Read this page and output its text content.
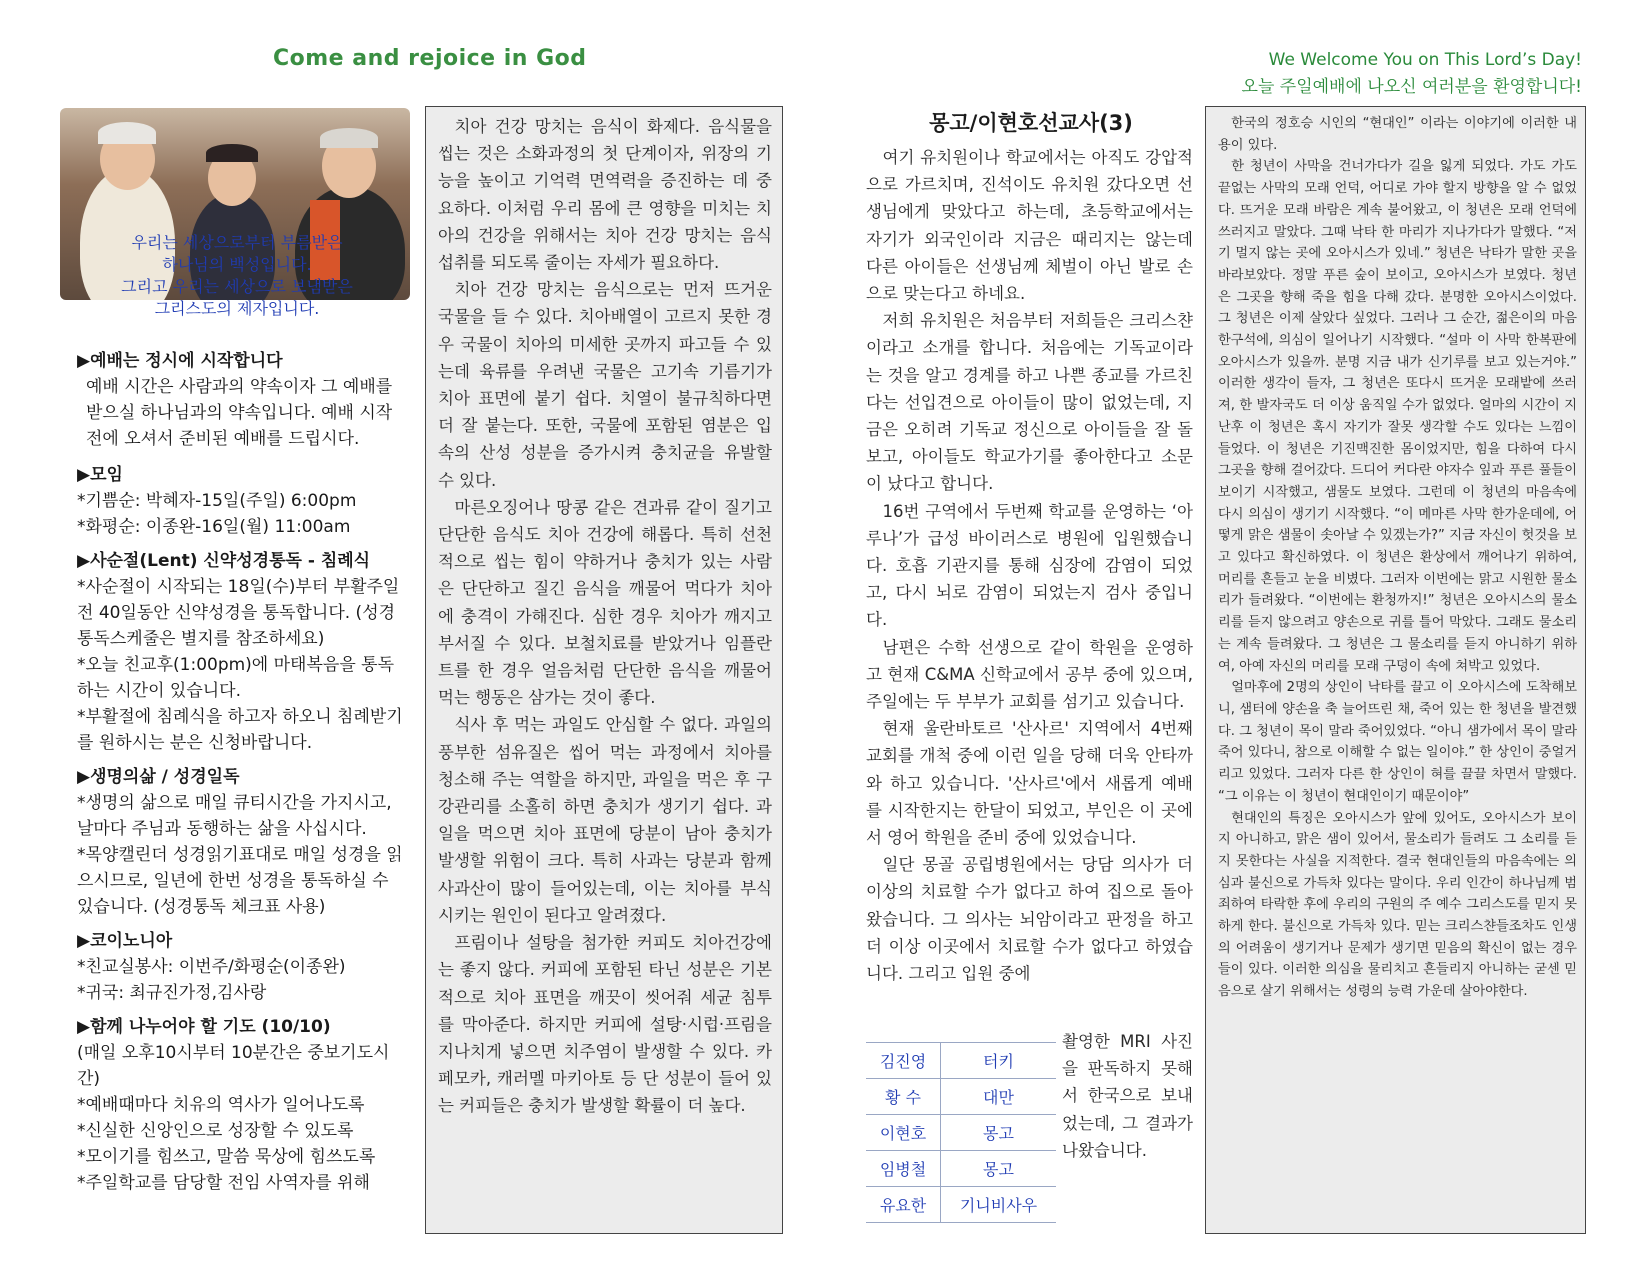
Come and rejoice in God	We Welcome You on This Lord’s Day!
오늘 주일예배에 나오신 여러분을 환영합니다!
우리는 세상으로부터 부름받은
하나님의 백성입니다.
그리고 우리는 세상으로 보냄받은
그리스도의 제자입니다.
▶예배는 정시에 시작합니다
예배 시간은 사람과의 약속이자 그 예배를 받으실 하나님과의 약속입니다. 예배 시작 전에 오셔서 준비된 예배를 드립시다.
▶모임
*기쁨순: 박혜자-15일(주일) 6:00pm
*화평순: 이종완-16일(월) 11:00am
▶사순절(Lent) 신약성경통독 - 침례식
*사순절이 시작되는 18일(수)부터 부활주일 전 40일동안 신약성경을 통독합니다. (성경 통독스케줄은 별지를 참조하세요)
*오늘 친교후(1:00pm)에 마태복음을 통독하는 시간이 있습니다.
*부활절에 침례식을 하고자 하오니 침례받기를 원하시는 분은 신청바랍니다.
▶생명의삶 / 성경일독
*생명의 삶으로 매일 큐티시간을 가지시고, 날마다 주님과 동행하는 삶을 사십시다.
*목양캘린더 성경읽기표대로 매일 성경을 읽으시므로, 일년에 한번 성경을 통독하실 수 있습니다. (성경통독 체크표 사용)
▶코이노니아
*친교실봉사: 이번주/화평순(이종완)
*귀국: 최규진가정,김사랑
▶함께 나누어야 할 기도 (10/10)
(매일 오후10시부터 10분간은 중보기도시간)
*예배때마다 치유의 역사가 일어나도록
*신실한 신앙인으로 성장할 수 있도록
*모이기를 힘쓰고, 말씀 묵상에 힘쓰도록
*주일학교를 담당할 전임 사역자를 위해

치아 건강 망치는 음식이 화제다. 음식물을 씹는 것은 소화과정의 첫 단계이자, 위장의 기능을 높이고 기억력 면역력을 증진하는 데 중요하다. 이처럼 우리 몸에 큰 영향을 미치는 치아의 건강을 위해서는 치아 건강 망치는 음식 섭취를 되도록 줄이는 자세가 필요하다.

치아 건강 망치는 음식으로는 먼저 뜨거운 국물을 들 수 있다. 치아배열이 고르지 못한 경우 국물이 치아의 미세한 곳까지 파고들 수 있는데 육류를 우려낸 국물은 고기속 기름기가 치아 표면에 붙기 쉽다. 치열이 불규칙하다면 더 잘 붙는다. 또한, 국물에 포함된 염분은 입속의 산성 성분을 증가시켜 충치균을 유발할 수 있다.

마른오징어나 땅콩 같은 견과류 같이 질기고 단단한 음식도 치아 건강에 해롭다. 특히 선천적으로 씹는 힘이 약하거나 충치가 있는 사람은 단단하고 질긴 음식을 깨물어 먹다가 치아에 충격이 가해진다. 심한 경우 치아가 깨지고 부서질 수 있다. 보철치료를 받았거나 임플란트를 한 경우 얼음처럼 단단한 음식을 깨물어 먹는 행동은 삼가는 것이 좋다.

식사 후 먹는 과일도 안심할 수 없다. 과일의 풍부한 섬유질은 씹어 먹는 과정에서 치아를 청소해 주는 역할을 하지만, 과일을 먹은 후 구강관리를 소홀히 하면 충치가 생기기 쉽다. 과일을 먹으면 치아 표면에 당분이 남아 충치가 발생할 위험이 크다. 특히 사과는 당분과 함께 사과산이 많이 들어있는데, 이는 치아를 부식시키는 원인이 된다고 알려졌다.

프림이나 설탕을 첨가한 커피도 치아건강에는 좋지 않다. 커피에 포함된 타닌 성분은 기본적으로 치아 표면을 깨끗이 씻어줘 세균 침투를 막아준다. 하지만 커피에 설탕·시럽·프림을 지나치게 넣으면 치주염이 발생할 수 있다. 카페모카, 캐러멜 마키아토 등 단 성분이 들어 있는 커피들은 충치가 발생할 확률이 더 높다.

몽고/이현호선교사(3)

여기 유치원이나 학교에서는 아직도 강압적으로 가르치며, 진석이도 유치원 갔다오면 선생님에게 맞았다고 하는데, 초등학교에서는 자기가 외국인이라 지금은 때리지는 않는데 다른 아이들은 선생님께 체벌이 아닌 발로 손으로 맞는다고 하네요.

저희 유치원은 처음부터 저희들은 크리스챤이라고 소개를 합니다. 처음에는 기독교이라는 것을 알고 경계를 하고 나쁜 종교를 가르친다는 선입견으로 아이들이 많이 없었는데, 지금은 오히려 기독교 정신으로 아이들을 잘 돌보고, 아이들도 학교가기를 좋아한다고 소문이 났다고 합니다.

16번 구역에서 두번째 학교를 운영하는 ‘아루나’가 급성 바이러스로 병원에 입원했습니다. 호흡 기관지를 통해 심장에 감염이 되었고, 다시 뇌로 감염이 되었는지 검사 중입니다.

남편은 수학 선생으로 같이 학원을 운영하고 현재 C&MA 신학교에서 공부 중에 있으며, 주일에는 두 부부가 교회를 섬기고 있습니다.

현재 울란바토르 '산사르' 지역에서 4번째 교회를 개척 중에 이런 일을 당해 더욱 안타까와 하고 있습니다. '산사르'에서 새롭게 예배를 시작한지는 한달이 되었고, 부인은 이 곳에서 영어 학원을 준비 중에 있었습니다.

일단 몽골 공립병원에서는 당담 의사가 더 이상의 치료할 수가 없다고 하여 집으로 돌아 왔습니다. 그 의사는 뇌암이라고 판정을 하고 더 이상 이곳에서 치료할 수가 없다고 하였습니다. 그리고 입원 중에

김진영	터키
황 수	대만
이현호	몽고
임병철	몽고
유요한	기니비사우
촬영한 MRI 사진을 판독하지 못해서 한국으로 보내었는데, 그 결과가 나왔습니다.

한국의 정호승 시인의 “현대인” 이라는 이야기에 이러한 내용이 있다.

한 청년이 사막을 건너가다가 길을 잃게 되었다. 가도 가도 끝없는 사막의 모래 언덕, 어디로 가야 할지 방향을 알 수 없었다. 뜨거운 모래 바람은 계속 불어왔고, 이 청년은 모래 언덕에 쓰러지고 말았다. 그때 낙타 한 마리가 지나가다가 말했다. “저기 멀지 않는 곳에 오아시스가 있네.” 청년은 낙타가 말한 곳을 바라보았다. 정말 푸른 숲이 보이고, 오아시스가 보였다. 청년은 그곳을 향해 죽을 힘을 다해 갔다. 분명한 오아시스이었다. 그 청년은 이제 살았다 싶었다. 그러나 그 순간, 젊은이의 마음 한구석에, 의심이 일어나기 시작했다. “설마 이 사막 한복판에 오아시스가 있을까. 분명 지금 내가 신기루를 보고 있는거야.” 이러한 생각이 들자, 그 청년은 또다시 뜨거운 모래밭에 쓰러져, 한 발자국도 더 이상 움직일 수가 없었다. 얼마의 시간이 지난후 이 청년은 혹시 자기가 잘못 생각할 수도 있다는 느낌이 들었다. 이 청년은 기진맥진한 몸이었지만, 힘을 다하여 다시 그곳을 향해 걸어갔다. 드디어 커다란 야자수 잎과 푸른 풀들이 보이기 시작했고, 샘물도 보였다. 그런데 이 청년의 마음속에 다시 의심이 생기기 시작했다. “이 메마른 사막 한가운데에, 어떻게 맑은 샘물이 솟아날 수 있겠는가?” 지금 자신이 헛것을 보고 있다고 확신하였다. 이 청년은 환상에서 깨어나기 위하여, 머리를 흔들고 눈을 비볐다. 그러자 이번에는 맑고 시원한 물소리가 들려왔다. “이번에는 환청까지!” 청년은 오아시스의 물소리를 듣지 않으려고 양손으로 귀를 틀어 막았다. 그래도 물소리는 계속 들려왔다. 그 청년은 그 물소리를 듣지 아니하기 위하여, 아예 자신의 머리를 모래 구덩이 속에 쳐박고 있었다.

얼마후에 2명의 상인이 낙타를 끌고 이 오아시스에 도착해보니, 샘터에 양손을 축 늘어뜨린 채, 죽어 있는 한 청년을 발견했다. 그 청년이 목이 말라 죽어있었다. “아니 샘가에서 목이 말라 죽어 있다니, 참으로 이해할 수 없는 일이야.” 한 상인이 중얼거리고 있었다. 그러자 다른 한 상인이 혀를 끌끌 차면서 말했다. “그 이유는 이 청년이 현대인이기 때문이야”

현대인의 특징은 오아시스가 앞에 있어도, 오아시스가 보이지 아니하고, 맑은 샘이 있어서, 물소리가 들려도 그 소리를 듣지 못한다는 사실을 지적한다. 결국 현대인들의 마음속에는 의심과 불신으로 가득차 있다는 말이다. 우리 인간이 하나님께 범죄하여 타락한 후에 우리의 구원의 주 예수 그리스도를 믿지 못하게 한다. 불신으로 가득차 있다. 믿는 크리스챤들조차도 인생의 어려움이 생기거나 문제가 생기면 믿음의 확신이 없는 경우들이 있다. 이러한 의심을 물리치고 흔들리지 아니하는 굳센 믿음으로 살기 위해서는 성령의 능력 가운데 살아야한다.
